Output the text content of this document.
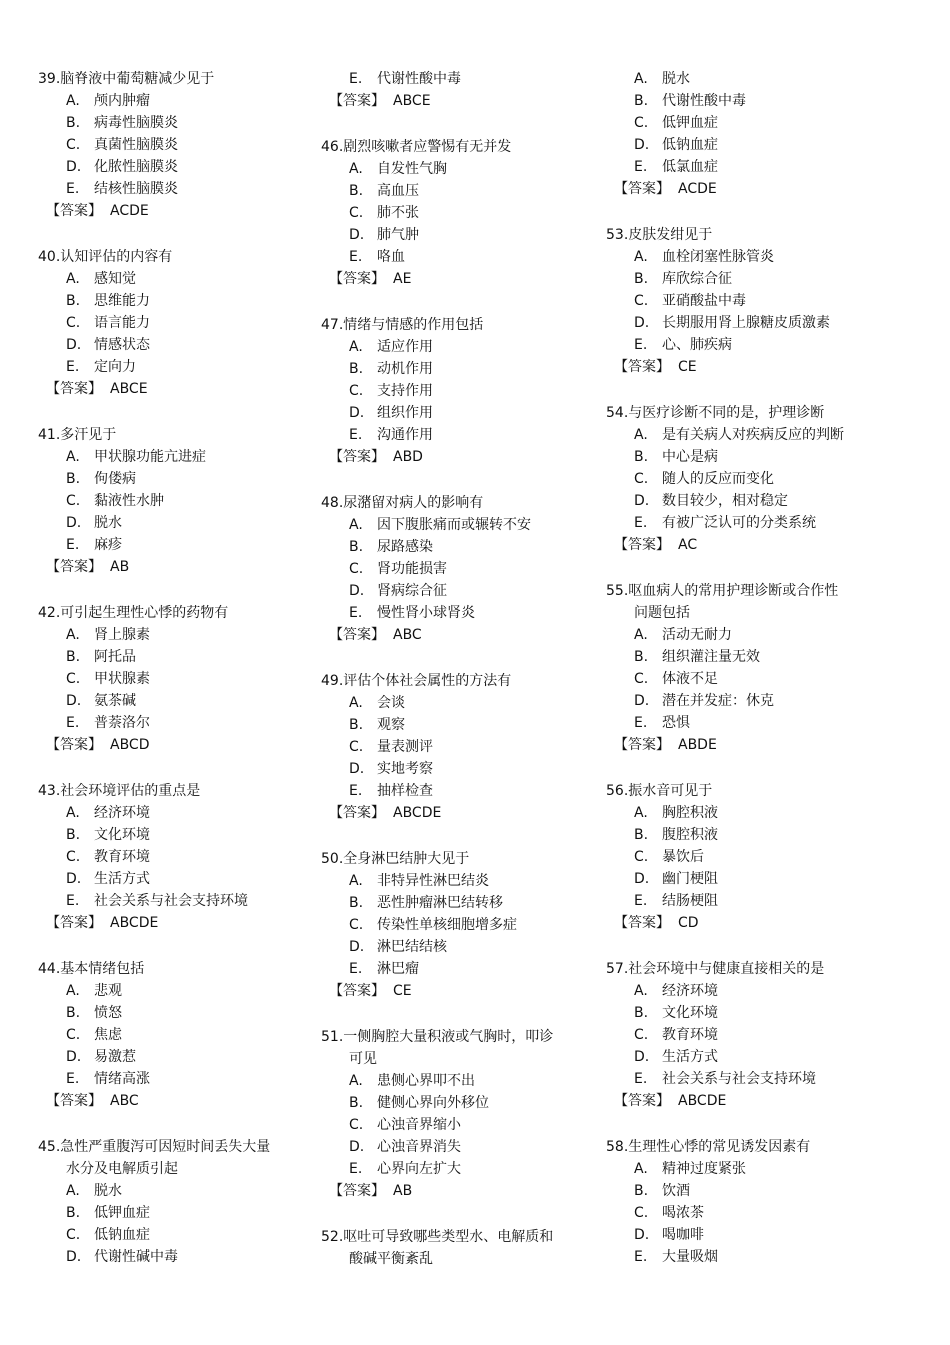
39.脑脊液中葡萄糖减少见于
A. 颅内肿瘤
B. 病毒性脑膜炎
C. 真菌性脑膜炎
D. 化脓性脑膜炎
E. 结核性脑膜炎
【答案】 ACDE
40.认知评估的内容有
A. 感知觉
B. 思维能力
C. 语言能力
D. 情感状态
E. 定向力
【答案】 ABCE
41.多汗见于
A. 甲状腺功能亢进症
B. 佝偻病
C. 黏液性水肿
D. 脱水
E. 麻疹
【答案】 AB
42.可引起生理性心悸的药物有
A. 肾上腺素
B. 阿托品
C. 甲状腺素
D. 氨茶碱
E. 普萘洛尔
【答案】 ABCD
43.社会环境评估的重点是
A. 经济环境
B. 文化环境
C. 教育环境
D. 生活方式
E. 社会关系与社会支持环境
【答案】 ABCDE
44.基本情绪包括
A. 悲观
B. 愤怒
C. 焦虑
D. 易激惹
E. 情绪高涨
【答案】 ABC
45.急性严重腹泻可因短时间丢失大量
水分及电解质引起
A. 脱水
B. 低钾血症
C. 低钠血症
D. 代谢性碱中毒
E. 代谢性酸中毒
【答案】 ABCE
46.剧烈咳嗽者应警惕有无并发
A. 自发性气胸
B. 高血压
C. 肺不张
D. 肺气肿
E. 咯血
【答案】 AE
47.情绪与情感的作用包括
A. 适应作用
B. 动机作用
C. 支持作用
D. 组织作用
E. 沟通作用
【答案】 ABD
48.尿潴留对病人的影响有
A. 因下腹胀痛而或辗转不安
B. 尿路感染
C. 肾功能损害
D. 肾病综合征
E. 慢性肾小球肾炎
【答案】 ABC
49.评估个体社会属性的方法有
A. 会谈
B. 观察
C. 量表测评
D. 实地考察
E. 抽样检查
【答案】 ABCDE
50.全身淋巴结肿大见于
A. 非特异性淋巴结炎
B. 恶性肿瘤淋巴结转移
C. 传染性单核细胞增多症
D. 淋巴结结核
E. 淋巴瘤
【答案】 CE
51.一侧胸腔大量积液或气胸时，叩诊
可见
A. 患侧心界叩不出
B. 健侧心界向外移位
C. 心浊音界缩小
D. 心浊音界消失
E. 心界向左扩大
【答案】 AB
52.呕吐可导致哪些类型水、电解质和
酸碱平衡紊乱
A. 脱水
B. 代谢性酸中毒
C. 低钾血症
D. 低钠血症
E. 低氯血症
【答案】 ACDE
53.皮肤发绀见于
A. 血栓闭塞性脉管炎
B. 库欣综合征
C. 亚硝酸盐中毒
D. 长期服用肾上腺糖皮质激素
E. 心、肺疾病
【答案】 CE
54.与医疗诊断不同的是，护理诊断
A. 是有关病人对疾病反应的判断
B. 中心是病
C. 随人的反应而变化
D. 数目较少，相对稳定
E. 有被广泛认可的分类系统
【答案】 AC
55.呕血病人的常用护理诊断或合作性
问题包括
A. 活动无耐力
B. 组织灌注量无效
C. 体液不足
D. 潜在并发症：休克
E. 恐惧
【答案】 ABDE
56.振水音可见于
A. 胸腔积液
B. 腹腔积液
C. 暴饮后
D. 幽门梗阻
E. 结肠梗阻
【答案】 CD
57.社会环境中与健康直接相关的是
A. 经济环境
B. 文化环境
C. 教育环境
D. 生活方式
E. 社会关系与社会支持环境
【答案】 ABCDE
58.生理性心悸的常见诱发因素有
A. 精神过度紧张
B. 饮酒
C. 喝浓茶
D. 喝咖啡
E. 大量吸烟
